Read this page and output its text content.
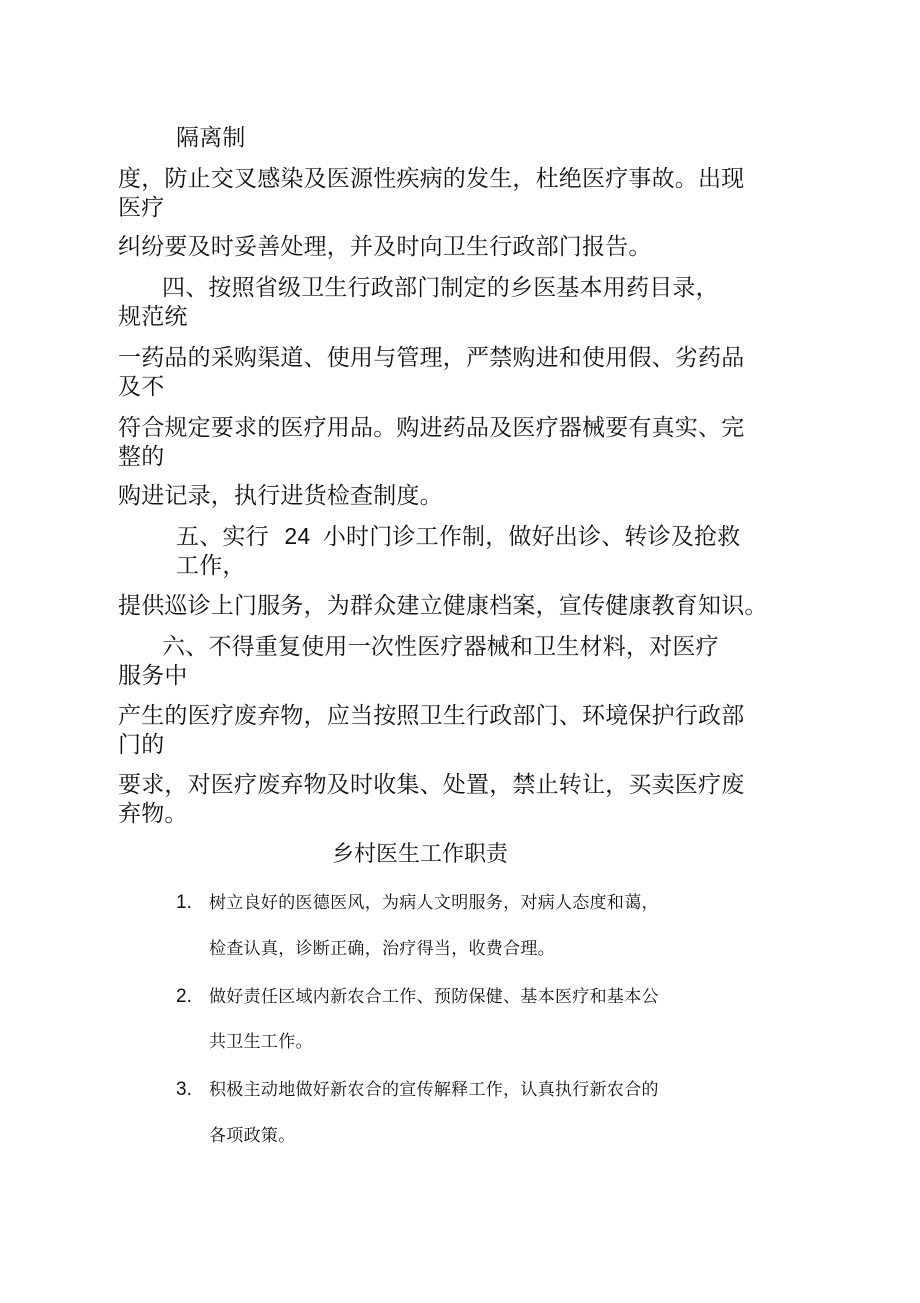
隔离制
度，防止交叉感染及医源性疾病的发生，杜绝医疗事故。出现
医疗
纠纷要及时妥善处理，并及时向卫生行政部门报告。
四、按照省级卫生行政部门制定的乡医基本用药目录，
规范统
一药品的采购渠道、使用与管理，严禁购进和使用假、劣药品
及不
符合规定要求的医疗用品。购进药品及医疗器械要有真实、完
整的
购进记录，执行进货检查制度。
五、实行 24 小时门诊工作制，做好出诊、转诊及抢救
工作，
提供巡诊上门服务，为群众建立健康档案，宣传健康教育知识。
六、不得重复使用一次性医疗器械和卫生材料，对医疗
服务中
产生的医疗废弃物，应当按照卫生行政部门、环境保护行政部
门的
要求，对医疗废弃物及时收集、处置，禁止转让，买卖医疗废
弃物。
乡村医生工作职责
1. 树立良好的医德医风，为病人文明服务，对病人态度和蔼，
检查认真，诊断正确，治疗得当，收费合理。
2. 做好责任区域内新农合工作、预防保健、基本医疗和基本公
共卫生工作。
3. 积极主动地做好新农合的宣传解释工作，认真执行新农合的
各项政策。
